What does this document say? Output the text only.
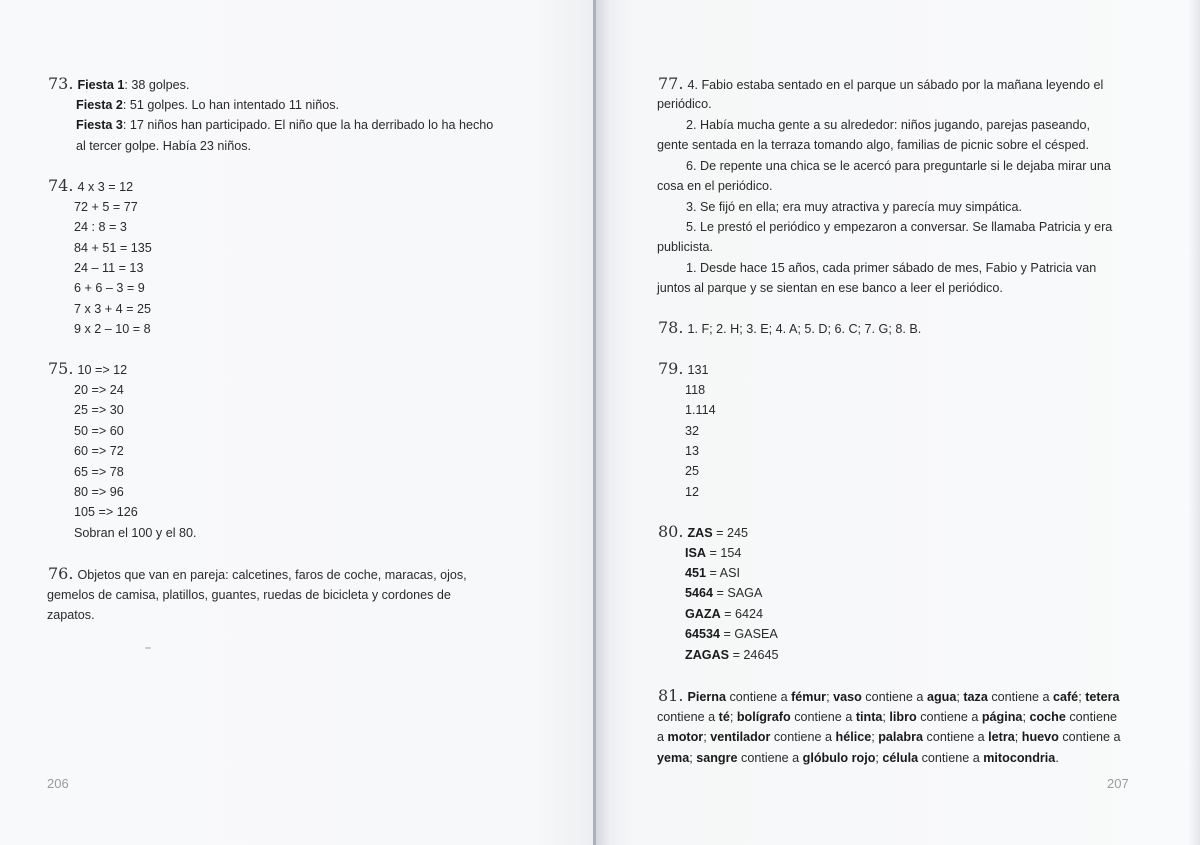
73. Fiesta 1: 38 golpes.
Fiesta 2: 51 golpes. Lo han intentado 11 niños.
Fiesta 3: 17 niños han participado. El niño que la ha derribado lo ha hecho
al tercer golpe. Había 23 niños.
74. 4 x 3 = 12
72 + 5 = 77
24 : 8 = 3
84 + 51 = 135
24 – 11 = 13
6 + 6 – 3 = 9
7 x 3 + 4 = 25
9 x 2 – 10 = 8
75. 10 => 12
20 => 24
25 => 30
50 => 60
60 => 72
65 => 78
80 => 96
105 => 126
Sobran el 100 y el 80.
76. Objetos que van en pareja: calcetines, faros de coche, maracas, ojos,
gemelos de camisa, platillos, guantes, ruedas de bicicleta y cordones de
zapatos.
206
77. 4. Fabio estaba sentado en el parque un sábado por la mañana leyendo el
periódico.
2. Había mucha gente a su alrededor: niños jugando, parejas paseando,
gente sentada en la terraza tomando algo, familias de picnic sobre el césped.
6. De repente una chica se le acercó para preguntarle si le dejaba mirar una
cosa en el periódico.
3. Se fijó en ella; era muy atractiva y parecía muy simpática.
5. Le prestó el periódico y empezaron a conversar. Se llamaba Patricia y era
publicista.
1. Desde hace 15 años, cada primer sábado de mes, Fabio y Patricia van
juntos al parque y se sientan en ese banco a leer el periódico.
78. 1. F; 2. H; 3. E; 4. A; 5. D; 6. C; 7. G; 8. B.
79. 131
118
1.114
32
13
25
12
80. ZAS = 245
ISA = 154
451 = ASI
5464 = SAGA
GAZA = 6424
64534 = GASEA
ZAGAS = 24645
81. Pierna contiene a fémur; vaso contiene a agua; taza contiene a café; tetera
contiene a té; bolígrafo contiene a tinta; libro contiene a página; coche contiene
a motor; ventilador contiene a hélice; palabra contiene a letra; huevo contiene a
yema; sangre contiene a glóbulo rojo; célula contiene a mitocondria.
207
